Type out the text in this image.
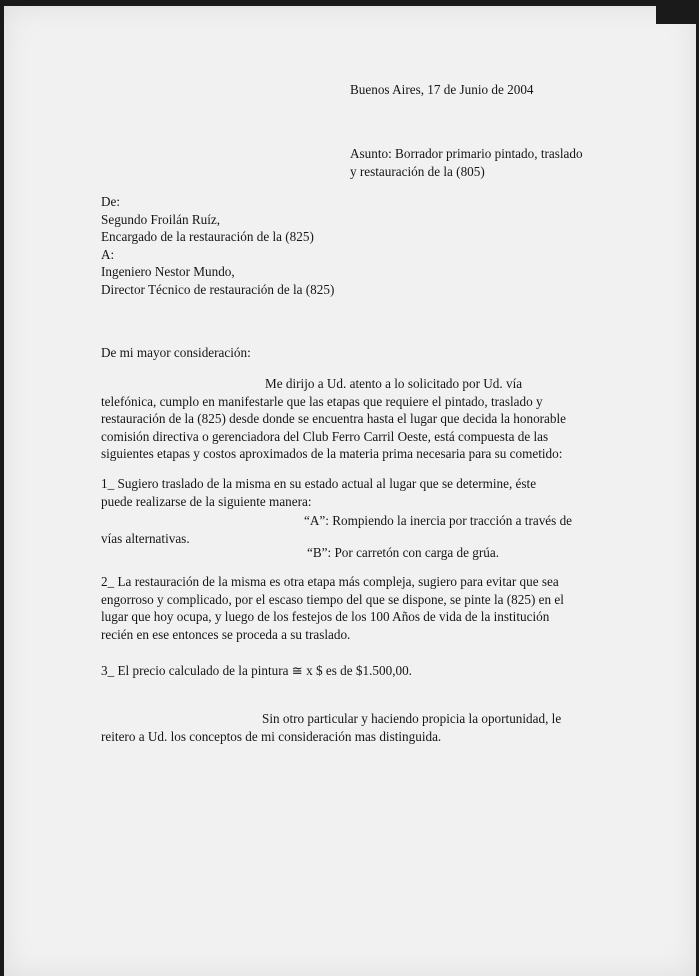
Buenos Aires, 17 de Junio de 2004
Asunto: Borrador primario pintado, traslado
y restauración de la (805)
De:
Segundo Froilán Ruíz,
Encargado de la restauración de la (825)
A:
Ingeniero Nestor Mundo,
Director Técnico de restauración de la (825)
De mi mayor consideración:
Me dirijo a Ud. atento a lo solicitado por Ud. vía
telefónica, cumplo en manifestarle que las etapas que requiere el pintado, traslado y
restauración de la (825) desde donde se encuentra hasta el lugar que decida la honorable
comisión directiva o gerenciadora del Club Ferro Carril Oeste, está compuesta de las
siguientes etapas y costos aproximados de la materia prima necesaria para su cometido:
1_ Sugiero traslado de la misma en su estado actual al lugar que se determine, éste
puede realizarse de la siguiente manera:
“A”: Rompiendo la inercia por tracción a través de
vías alternativas.
“B”: Por carretón con carga de grúa.
2_ La restauración de la misma es otra etapa más compleja, sugiero para evitar que sea
engorroso y complicado, por el escaso tiempo del que se dispone, se pinte la (825) en el
lugar que hoy ocupa, y luego de los festejos de los 100 Años de vida de la institución
recién en ese entonces se proceda a su traslado.
3_ El precio calculado de la pintura ≅ x $ es de $1.500,00.
Sin otro particular y haciendo propicia la oportunidad, le
reitero a Ud. los conceptos de mi consideración mas distinguida.
